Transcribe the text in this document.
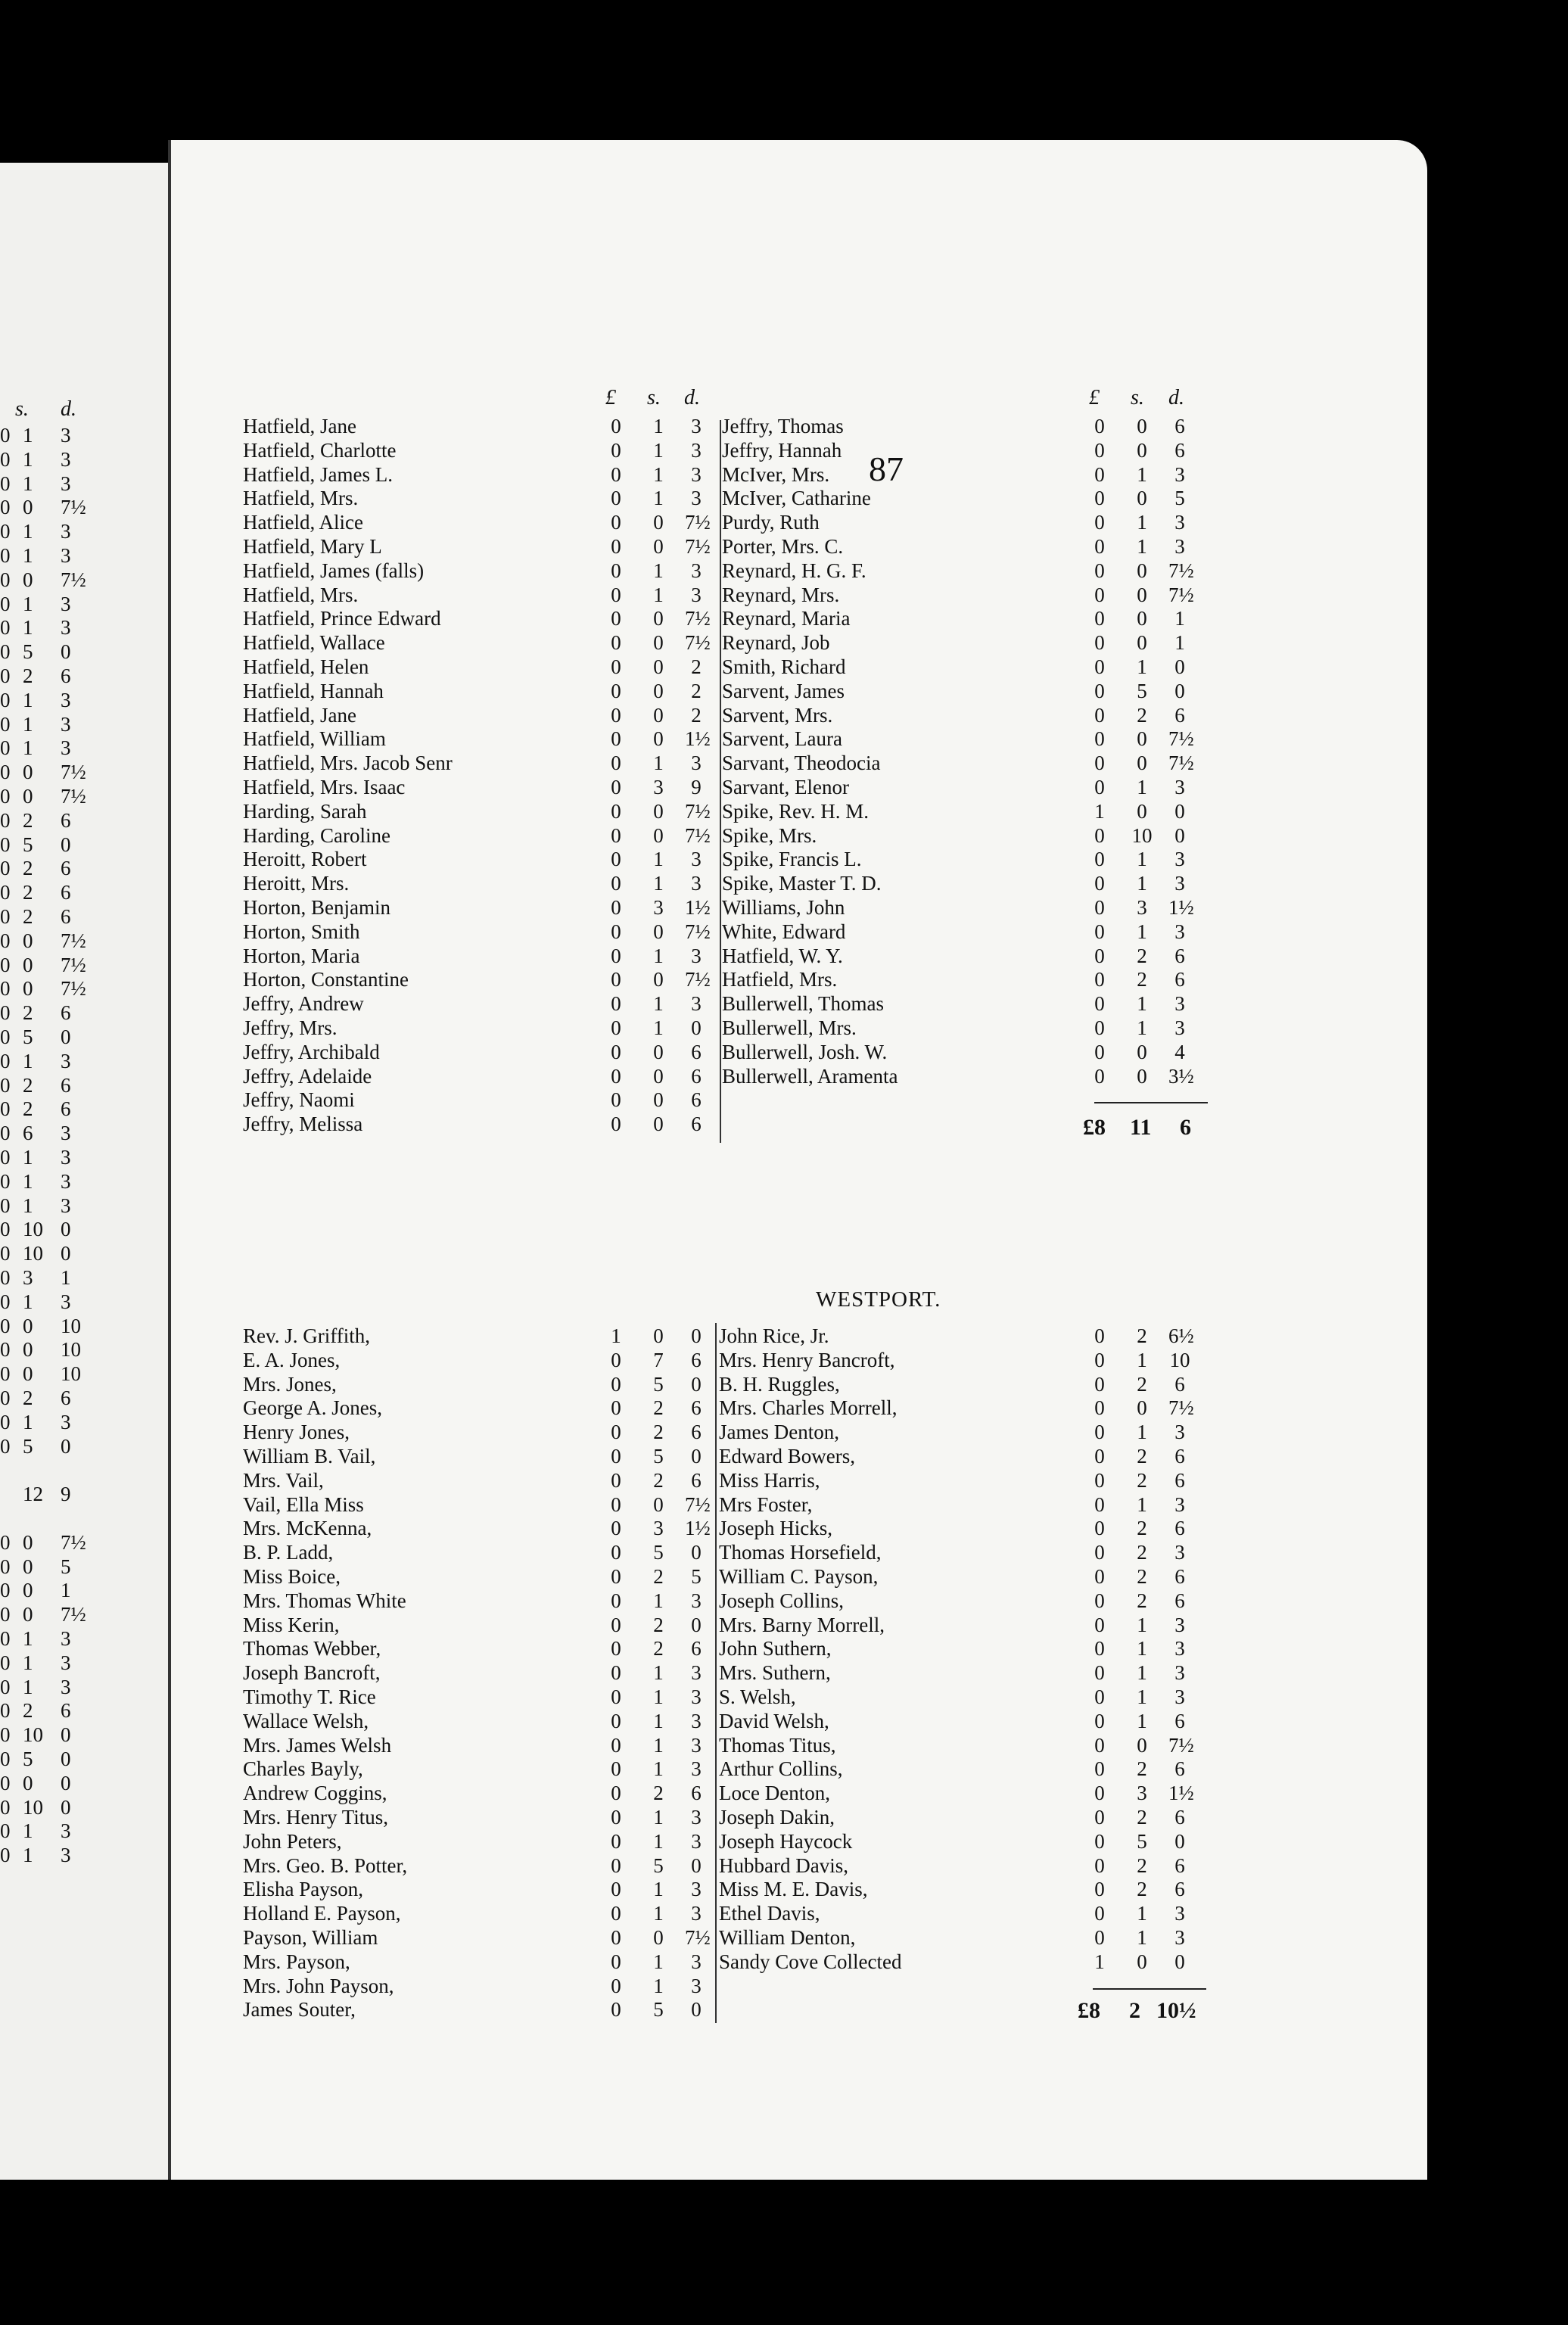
s. d.
0 1 3
0 1 3
0 1 3
0 0 7½
0 1 3
0 1 3
0 0 7½
0 1 3
0 1 3
0 5 0
0 2 6
0 1 3
0 1 3
0 1 3
0 0 7½
0 0 7½
0 2 6
0 5 0
0 2 6
0 2 6
0 2 6
0 0 7½
0 0 7½
0 0 7½
0 2 6
0 5 0
0 1 3
0 2 6
0 2 6
0 6 3
0 1 3
0 1 3
0 1 3
0 10 0
0 10 0
0 3 1
0 1 3
0 0 10
0 0 10
0 0 10
0 2 6
0 1 3
0 5 0
12 9
0 0 7½
0 0 5
0 0 1
0 0 7½
0 1 3
0 1 3
0 1 3
0 2 6
0 10 0
0 5 0
0 0 0
0 10 0
0 1 3
0 1 3
87
£ s. d.	£ s. d.
Hatfield, Jane	0	1	3
Hatfield, Charlotte	0	1	3
Hatfield, James L.	0	1	3
Hatfield, Mrs.	0	1	3
Hatfield, Alice	0	0	7½
Hatfield, Mary L	0	0	7½
Hatfield, James (falls)	0	1	3
Hatfield, Mrs.	0	1	3
Hatfield, Prince Edward	0	0	7½
Hatfield, Wallace	0	0	7½
Hatfield, Helen	0	0	2
Hatfield, Hannah	0	0	2
Hatfield, Jane	0	0	2
Hatfield, William	0	0	1½
Hatfield, Mrs. Jacob Senr	0	1	3
Hatfield, Mrs. Isaac	0	3	9
Harding, Sarah	0	0	7½
Harding, Caroline	0	0	7½
Heroitt, Robert	0	1	3
Heroitt, Mrs.	0	1	3
Horton, Benjamin	0	3	1½
Horton, Smith	0	0	7½
Horton, Maria	0	1	3
Horton, Constantine	0	0	7½
Jeffry, Andrew	0	1	3
Jeffry, Mrs.	0	1	0
Jeffry, Archibald	0	0	6
Jeffry, Adelaide	0	0	6
Jeffry, Naomi	0	0	6
Jeffry, Melissa	0	0	6
Jeffry, Thomas	0	0	6
Jeffry, Hannah	0	0	6
McIver, Mrs.	0	1	3
McIver, Catharine	0	0	5
Purdy, Ruth	0	1	3
Porter, Mrs. C.	0	1	3
Reynard, H. G. F.	0	0	7½
Reynard, Mrs.	0	0	7½
Reynard, Maria	0	0	1
Reynard, Job	0	0	1
Smith, Richard	0	1	0
Sarvent, James	0	5	0
Sarvent, Mrs.	0	2	6
Sarvent, Laura	0	0	7½
Sarvant, Theodocia	0	0	7½
Sarvant, Elenor	0	1	3
Spike, Rev. H. M.	1	0	0
Spike, Mrs.	0	10	0
Spike, Francis L.	0	1	3
Spike, Master T. D.	0	1	3
Williams, John	0	3	1½
White, Edward	0	1	3
Hatfield, W. Y.	0	2	6
Hatfield, Mrs.	0	2	6
Bullerwell, Thomas	0	1	3
Bullerwell, Mrs.	0	1	3
Bullerwell, Josh. W.	0	0	4
Bullerwell, Aramenta	0	0	3½
£8 11 6
WESTPORT.
Rev. J. Griffith,	1	0	0
E. A. Jones,	0	7	6
Mrs. Jones,	0	5	0
George A. Jones,	0	2	6
Henry Jones,	0	2	6
William B. Vail,	0	5	0
Mrs. Vail,	0	2	6
Vail, Ella Miss	0	0	7½
Mrs. McKenna,	0	3	1½
B. P. Ladd,	0	5	0
Miss Boice,	0	2	5
Mrs. Thomas White	0	1	3
Miss Kerin,	0	2	0
Thomas Webber,	0	2	6
Joseph Bancroft,	0	1	3
Timothy T. Rice	0	1	3
Wallace Welsh,	0	1	3
Mrs. James Welsh	0	1	3
Charles Bayly,	0	1	3
Andrew Coggins,	0	2	6
Mrs. Henry Titus,	0	1	3
John Peters,	0	1	3
Mrs. Geo. B. Potter,	0	5	0
Elisha Payson,	0	1	3
Holland E. Payson,	0	1	3
Payson, William	0	0	7½
Mrs. Payson,	0	1	3
Mrs. John Payson,	0	1	3
James Souter,	0	5	0
John Rice, Jr.	0	2	6½
Mrs. Henry Bancroft,	0	1	10
B. H. Ruggles,	0	2	6
Mrs. Charles Morrell,	0	0	7½
James Denton,	0	1	3
Edward Bowers,	0	2	6
Miss Harris,	0	2	6
Mrs Foster,	0	1	3
Joseph Hicks,	0	2	6
Thomas Horsefield,	0	2	3
William C. Payson,	0	2	6
Joseph Collins,	0	2	6
Mrs. Barny Morrell,	0	1	3
John Suthern,	0	1	3
Mrs. Suthern,	0	1	3
S. Welsh,	0	1	3
David Welsh,	0	1	6
Thomas Titus,	0	0	7½
Arthur Collins,	0	2	6
Loce Denton,	0	3	1½
Joseph Dakin,	0	2	6
Joseph Haycock	0	5	0
Hubbard Davis,	0	2	6
Miss M. E. Davis,	0	2	6
Ethel Davis,	0	1	3
William Denton,	0	1	3
Sandy Cove Collected	1	0	0
£8 2 10½
